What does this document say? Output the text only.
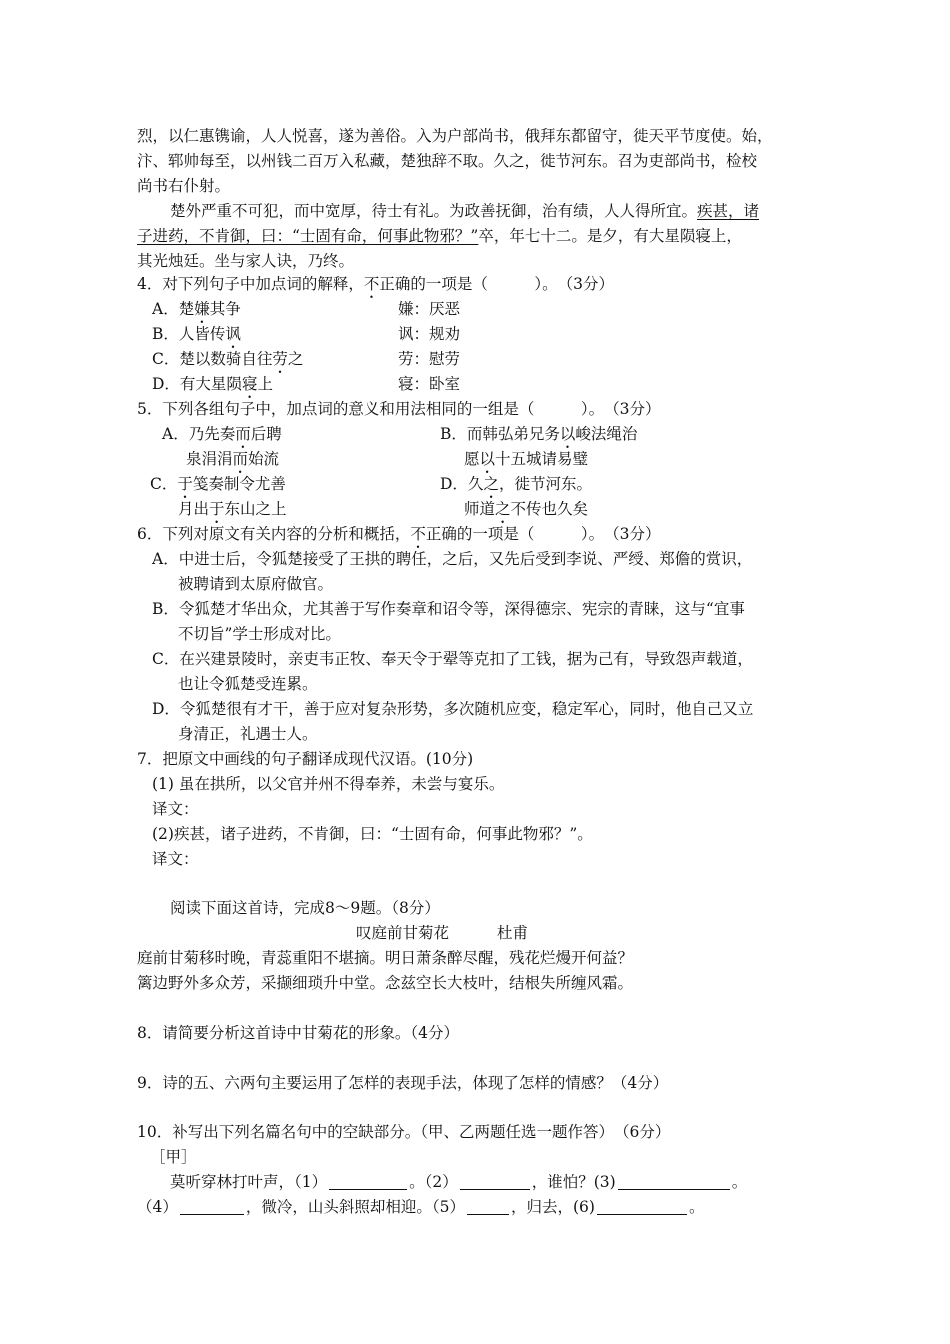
烈，以仁惠镌谕，人人悦喜，遂为善俗。入为户部尚书，俄拜东都留守，徙天平节度使。始，
汴、郓帅每至，以州钱二百万入私藏，楚独辞不取。久之，徙节河东。召为吏部尚书，检校
尚书右仆射。
楚外严重不可犯，而中宽厚，待士有礼。为政善抚御，治有绩，人人得所宜。疾甚，诸
子进药，不肯御，曰：“士固有命，何事此物邪？”卒，年七十二。是夕，有大星陨寝上，
其光烛廷。坐与家人诀，乃终。
4．对下列句子中加点词的解释，不正确的一项是（　　　）。　（3分）
A．楚嫌其争	嫌：厌恶
B．人皆传讽	讽：规劝
C．楚以数骑自往劳之	劳：慰劳
D．有大星陨寝上	寝：卧室
5．下列各组句子中，加点词的意义和用法相同的一组是（　　　）。　（3分）
A．乃先奏而后聘	B．而韩弘弟兄务以峻法绳治
泉涓涓而始流	愿以十五城请易璧
C．于笺奏制令尤善	D．久之，徙节河东。
月出于东山之上	师道之不传也久矣
6．下列对原文有关内容的分析和概括，不正确的一项是（　　　）。　（3分）
A．中进士后，令狐楚接受了王拱的聘任，之后，又先后受到李说、严绶、郑儋的赏识，
被聘请到太原府做官。
B．令狐楚才华出众，尤其善于写作奏章和诏令等，深得德宗、宪宗的青睐，这与“宜事
不切旨”学士形成对比。
C．在兴建景陵时，亲吏韦正牧、奉天令于翚等克扣了工钱，据为己有，导致怨声载道，
也让令狐楚受连累。
D．令狐楚很有才干，善于应对复杂形势，多次随机应变，稳定军心，同时，他自己又立
身清正，礼遇士人。
7．把原文中画线的句子翻译成现代汉语。(10分)
(1) 虽在拱所，以父官并州不得奉养，未尝与宴乐。
译文：
(2)疾甚，诸子进药，不肯御，曰：“士固有命，何事此物邪？”。
译文：
阅读下面这首诗，完成8～9题。（8分）
叹庭前甘菊花	杜甫
庭前甘菊移时晚，青蕊重阳不堪摘。明日萧条醉尽醒，残花烂熳开何益？
篱边野外多众芳，采撷细琐升中堂。念兹空长大枝叶，结根失所缠风霜。
8．请简要分析这首诗中甘菊花的形象。（4分）
9．诗的五、六两句主要运用了怎样的表现手法，体现了怎样的情感？（4分）
10．补写出下列名篇名句中的空缺部分。（甲、乙两题任选一题作答）　（6分）
［甲］
莫听穿林打叶声，（1）	。（2）	，谁怕？(3)	。
（4）	，微冷，山头斜照却相迎。（5）	，归去，(6)	。
